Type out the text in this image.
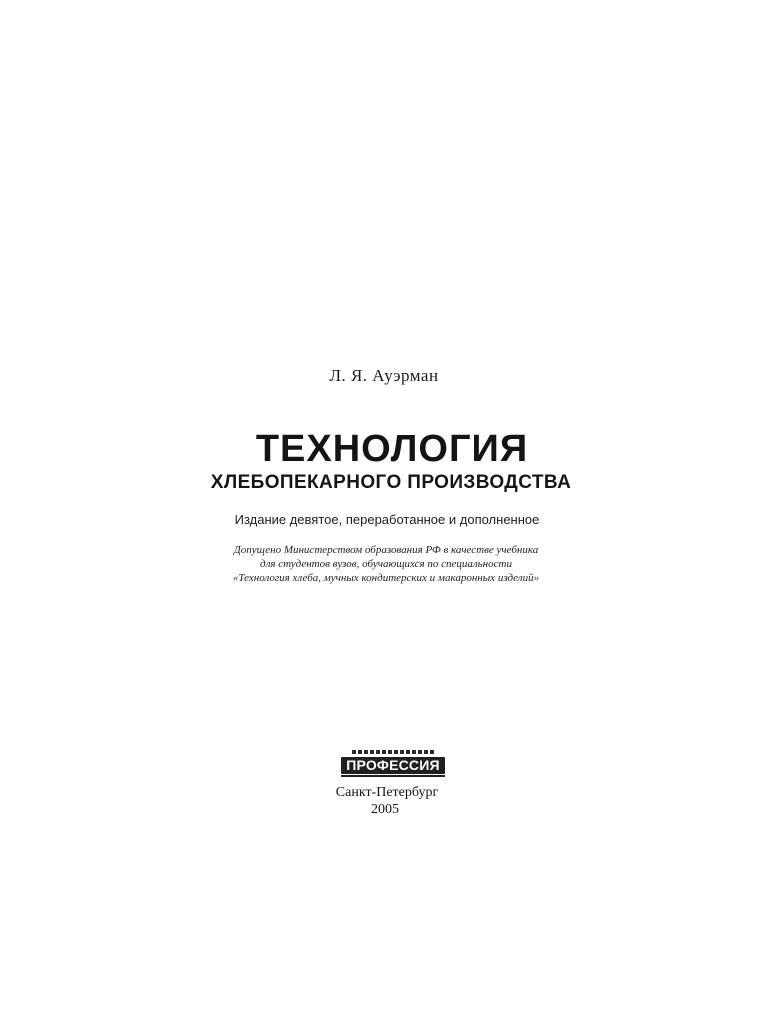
Л. Я. Ауэрман
ТЕХНОЛОГИЯ
ХЛЕБОПЕКАРНОГО ПРОИЗВОДСТВА
Издание девятое, переработанное и дополненное
Допущено Министерством образования РФ в качестве учебника
для студентов вузов, обучающихся по специальности
«Технология хлеба, мучных кондитерских и макаронных изделий»
ПРОФЕССИЯ
Санкт-Петербург
2005
